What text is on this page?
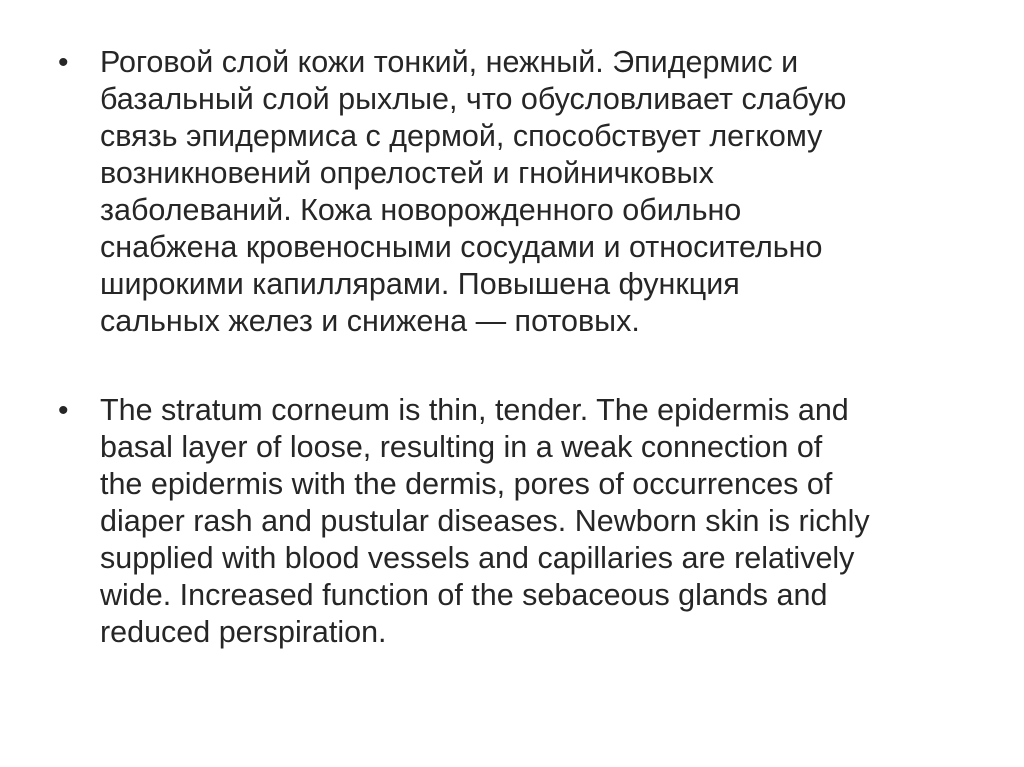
• Роговой слой кожи тонкий, нежный. Эпидермис и
базальный слой рыхлые, что обусловливает слабую
связь эпидермиса с дермой, способствует легкому
возникновений опрелостей и гнойничковых
заболеваний. Кожа новорожденного обильно
снабжена кровеносными сосудами и относительно
широкими капиллярами. Повышена функция
сальных желез и снижена — потовых.
• The stratum corneum is thin, tender. The epidermis and
basal layer of loose, resulting in a weak connection of
the epidermis with the dermis, pores of occurrences of
diaper rash and pustular diseases. Newborn skin is richly
supplied with blood vessels and capillaries are relatively
wide. Increased function of the sebaceous glands and
reduced perspiration.
